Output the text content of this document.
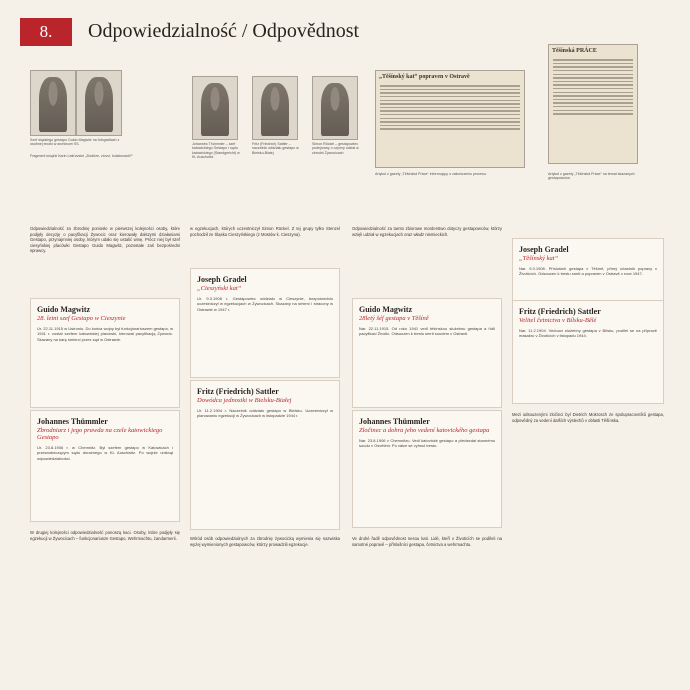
8.	Odpowiedzialność / Odpovědnost
Szef śląskiego gestapo Guido Magwitz na fotografiach z osobnej teczki w archiwum SS.
Fragment książki Karin Lašťovské „Zloděze, zlovci, kolaboranti?“
Johannes Thümmler – szef katowickiego Gestapo i sądu katowickiego (Standgericht) w KL Auschwitz
Fritz (Friedrich) Sattler – naczelnik oddziału gestapo w Bielsku-Białej
Simon Röckel – gestapowiec podejrzany o czynny udział w zbrodni Żywocicach
„Těšínský kat“ popraven v Ostravě
Artykuł z gazety „Těšínská Práce“ informujący o zakończeniu procesu.
Těšínská PRÁCE
Artykuł z gazety „Těšínská Práce“ na temat skazanych gestapowców.
Odpowiedzialność za zbrodnię poniosło w pierwszej kolejności osoby, które podjęły decyzję o pacyfikacji Żywocic oraz kierowały dalszymi działaniami Gestapo, przynajmniej osoby, którym udało się ustalić winę. Prócz niej był szef ciesyńskiej placówki Gestapo Guido Magwitz, pozostałe zaś bezpośredni sprawcy.
w egzekucjach, których uczestniczył Simon Röckel. Z tej grupy tylko Stenzel pochodził ze Śląska Cieszyńskiego (z Mostów k. Cieszyna).
Odpowiedzialność za tamto zbiorowe morderstwo dotyczy gestapowców, którzy wzięli udział w egzekucjach oraz władz niemieckich.
Guido Magwitz
28. letni szef Gestapo w Cieszynie
Ur. 22.11.1915 w Ustroniu. Do końca wojny był funkcjonariuszem gestapo, w 1941 r. został szefem katowickiej placówki, kierował pacyfikacją Żywocic. Skazany na karę śmierci przez sąd w Ostrawie.
Johannes Thümmler
Zbrodniarz i jego prawda na czele katowickiego Gestapo
Ur. 23.8.1906 r. w Chemnitz. Był szefem gestapo w Katowicach i przewodniczącym sądu doraźnego w KL Auschwitz. Po wojnie uniknął odpowiedzialności.
Joseph Gradel
„Cieszyński kat“
Ur. 9.3.1908 r. Gestapowiec oddziału w Cieszynie, bezpośrednio uczestniczył w egzekucjach w Żywocicach. Skazany na śmierć i stracony w Ostrawie w 1947 r.
Fritz (Friedrich) Sattler
Dowódca jednostki w Bielsku-Białej
Ur. 11.2.1904 r. Naczelnik oddziału gestapo w Bielsku. Uczestniczył w planowaniu egzekucji w Żywocicach w listopadzie 1944 r.
Guido Magwitz
28letý šéf gestapa v Těšíně
Nar. 22.11.1915. Od roku 1941 vedl těšínskou služebnu gestapa a řídil pacyfikaci Životic. Odsouzen k trestu smrti soudem v Ostravě.
Johannes Thümmler
Zločinec a dohra jeho vedení katovického gestapa
Nar. 23.8.1906 v Chemnitzu. Vedl katovické gestapo a předsedal stannému soudu v Osvětimi. Po válce se vyhnul trestu.
Joseph Gradel
„Těšínský kat“
Nar. 9.3.1908. Příslušník gestapa v Těšíně, přímý účastník popravy v Životicích. Odsouzen k trestu smrti a popraven v Ostravě v roce 1947.
Fritz (Friedrich) Sattler
Velitel četnictva v Bílsku-Bělé
Nar. 11.2.1904. Vedoucí služebny gestapa v Bílsku, podílel se na přípravě masakru v Životicích v listopadu 1944.
W drugiej kolejności odpowiedzialność ponoszą kaci. Osoby, które podjęły się egzekucji w Żywocicach – funkcjonariusze Gestapo, Wehrmachtu, żandarmerii.	Wśród osób odpowiedzialnych za zbrodnię żywocicką wymienia się nazwiska wyżej wymienionych gestapowców, którzy prowadzili egzekucje.
Ve druhé řadě odpovědnost nesou kati. Lidé, kteří v Životicích se podíleli na samotné popravě – příslušníci gestapa, četnictva a wehrmachtu.
Mezi odsouzenými zločinci byl Dietrich Mokrosch ze spolupracovníků gestapa, odpovědný za vedení dalších výslechů v oblasti Těšínska.
